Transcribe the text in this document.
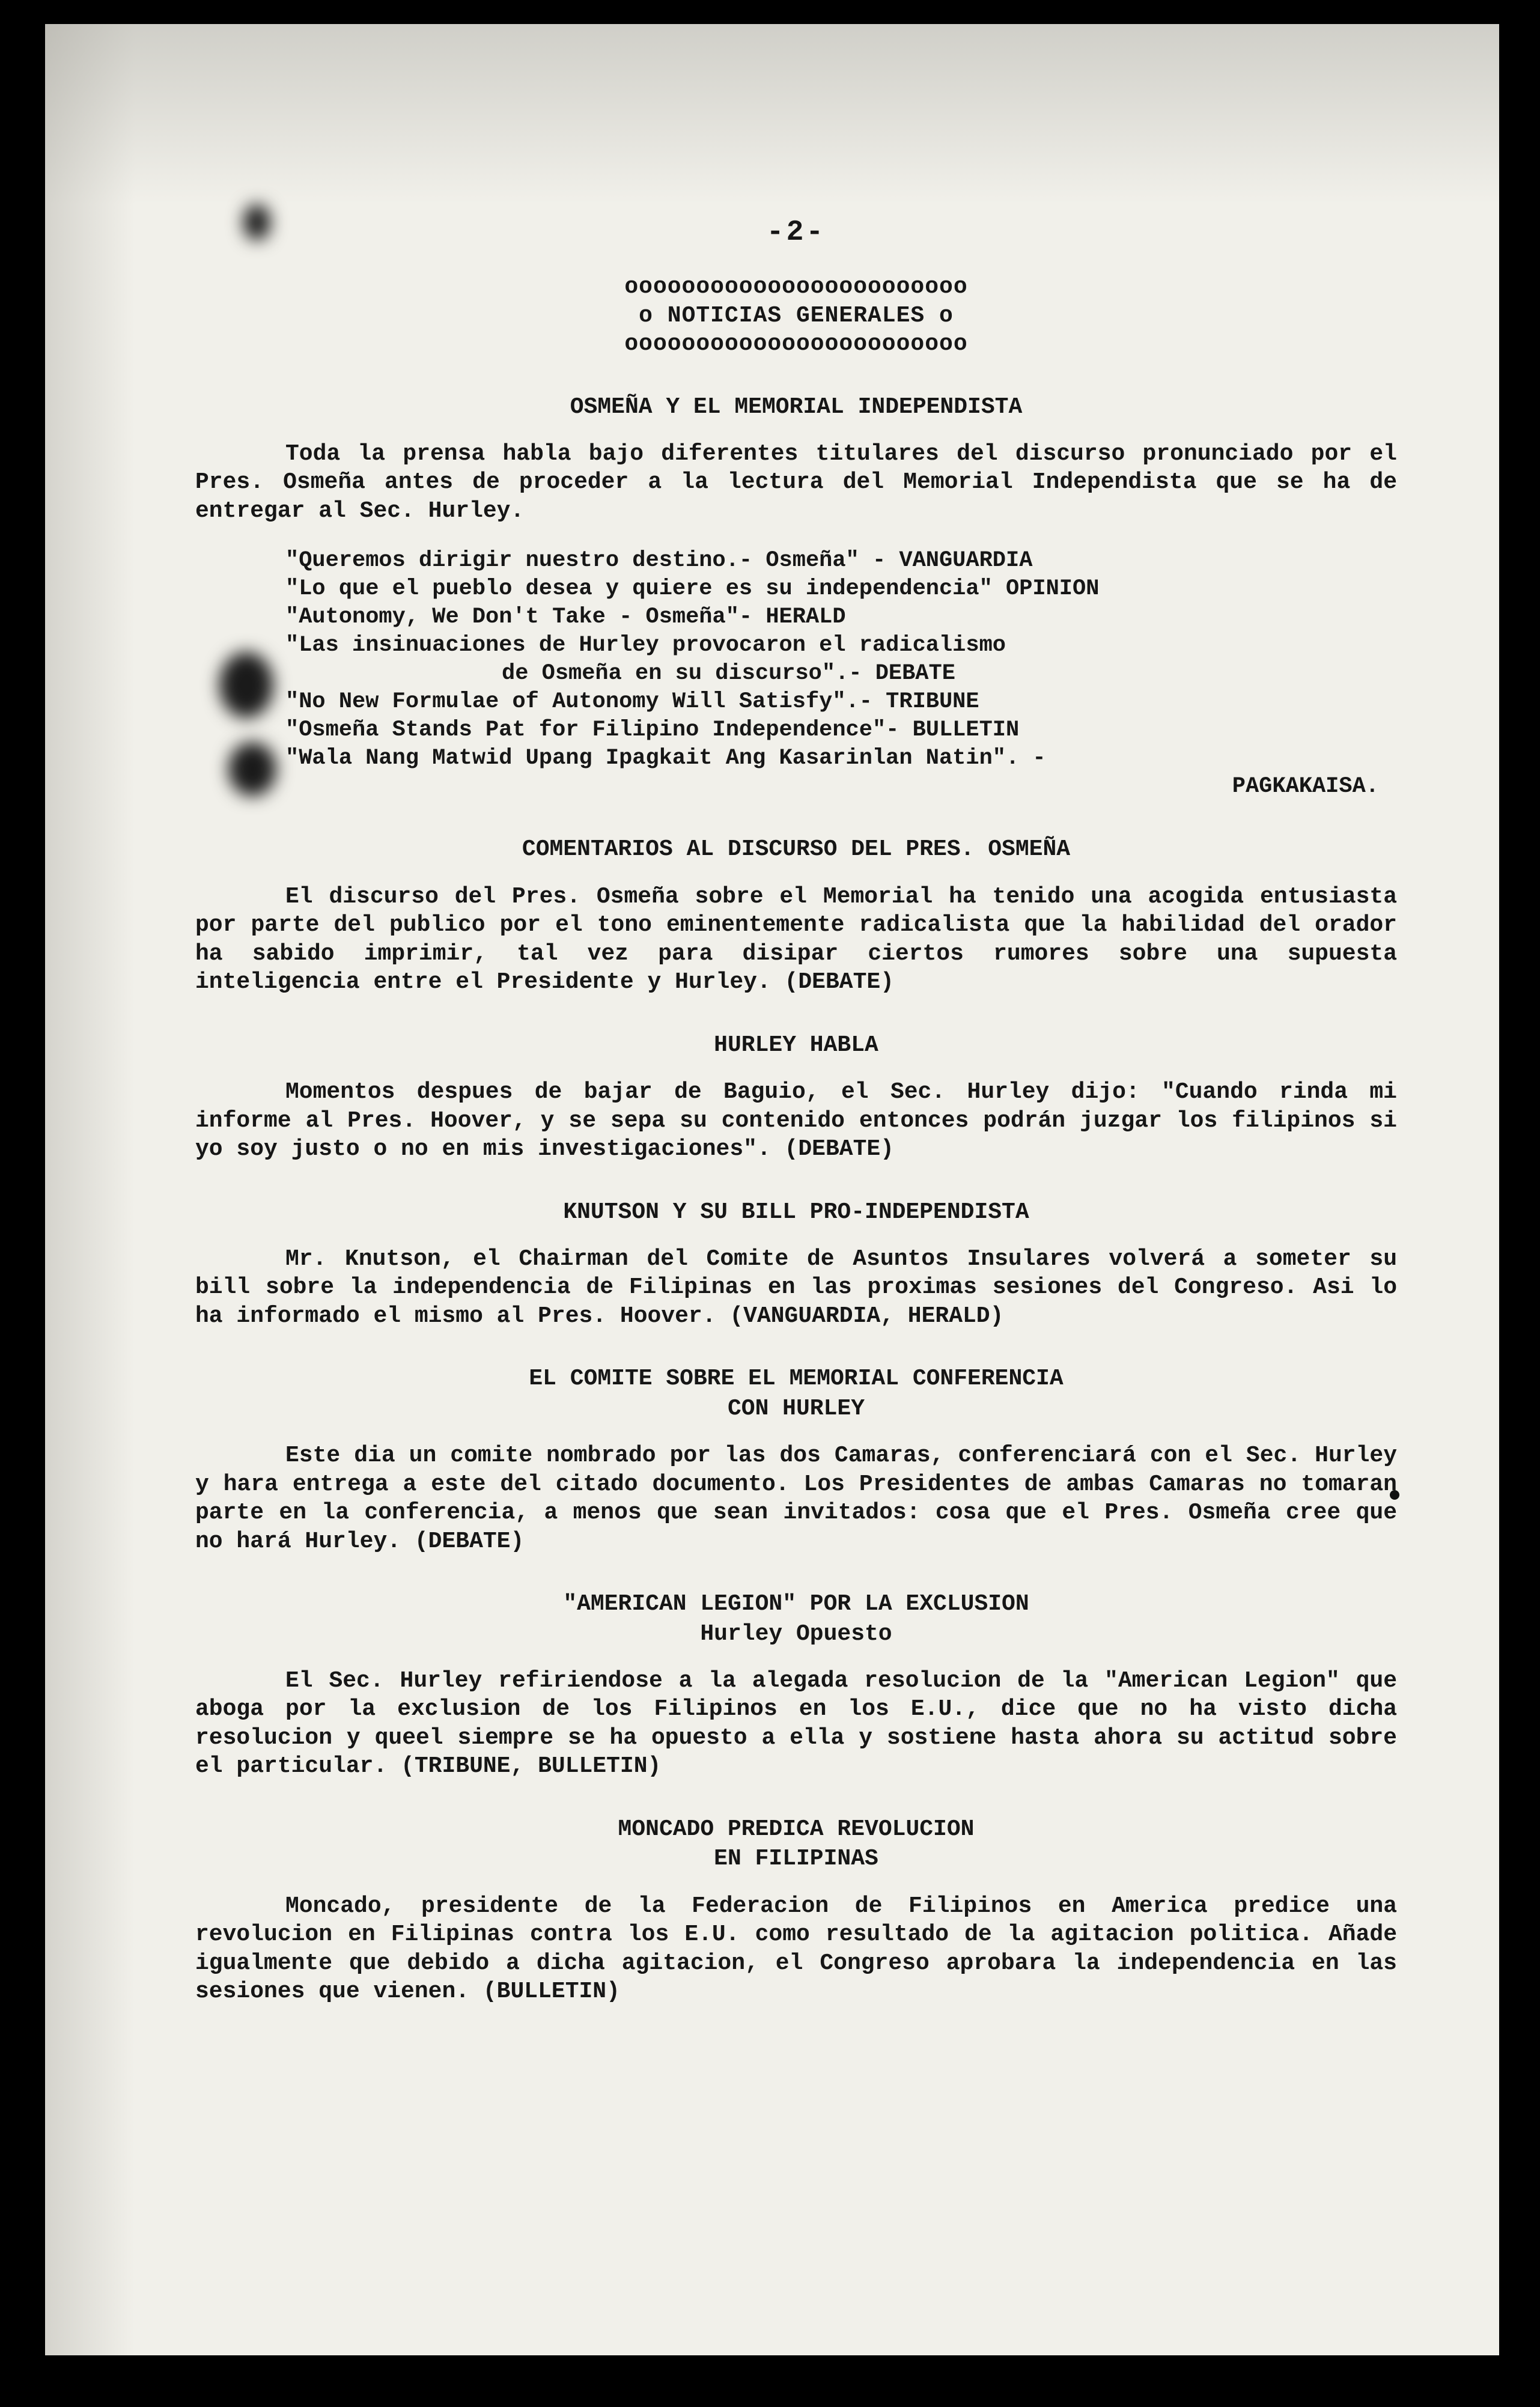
-2-
oooooooooooooooooooooooo
o NOTICIAS GENERALES o
oooooooooooooooooooooooo
OSMEÑA Y EL MEMORIAL INDEPENDISTA

Toda la prensa habla bajo diferentes titulares del discurso pronunciado por el Pres. Osmeña antes de proceder a la lectura del Memorial Independista que se ha de entregar al Sec. Hurley.

"Queremos dirigir nuestro destino.- Osmeña" - VANGUARDIA
"Lo que el pueblo desea y quiere es su independencia" OPINION
"Autonomy, We Don't Take - Osmeña"- HERALD
"Las insinuaciones de Hurley provocaron el radicalismo
de Osmeña en su discurso".- DEBATE
"No New Formulae of Autonomy Will Satisfy".- TRIBUNE
"Osmeña Stands Pat for Filipino Independence"- BULLETIN
"Wala Nang Matwid Upang Ipagkait Ang Kasarinlan Natin". -
PAGKAKAISA.
COMENTARIOS AL DISCURSO DEL PRES. OSMEÑA

El discurso del Pres. Osmeña sobre el Memorial ha tenido una acogida entusiasta por parte del publico por el tono eminentemente radicalista que la habilidad del orador ha sabido imprimir, tal vez para disipar ciertos rumores sobre una supuesta inteligencia entre el Presidente y Hurley. (DEBATE)

HURLEY HABLA

Momentos despues de bajar de Baguio, el Sec. Hurley dijo: "Cuando rinda mi informe al Pres. Hoover, y se sepa su contenido entonces podrán juzgar los filipinos si yo soy justo o no en mis investigaciones". (DEBATE)

KNUTSON Y SU BILL PRO-INDEPENDISTA

Mr. Knutson, el Chairman del Comite de Asuntos Insulares volverá a someter su bill sobre la independencia de Filipinas en las proximas sesiones del Congreso. Asi lo ha informado el mismo al Pres. Hoover. (VANGUARDIA, HERALD)

EL COMITE SOBRE EL MEMORIAL CONFERENCIA
CON HURLEY

Este dia un comite nombrado por las dos Camaras, conferenciará con el Sec. Hurley y hara entrega a este del citado documento. Los Presidentes de ambas Camaras no tomaran parte en la conferencia, a menos que sean invitados: cosa que el Pres. Osmeña cree que no hará Hurley. (DEBATE)

"AMERICAN LEGION" POR LA EXCLUSION
Hurley Opuesto

El Sec. Hurley refiriendose a la alegada resolucion de la "American Legion" que aboga por la exclusion de los Filipinos en los E.U., dice que no ha visto dicha resolucion y queel siempre se ha opuesto a ella y sostiene hasta ahora su actitud sobre el particular. (TRIBUNE, BULLETIN)

MONCADO PREDICA REVOLUCION
EN FILIPINAS

Moncado, presidente de la Federacion de Filipinos en America predice una revolucion en Filipinas contra los E.U. como resultado de la agitacion politica. Añade igualmente que debido a dicha agitacion, el Congreso aprobara la independencia en las sesiones que vienen. (BULLETIN)
